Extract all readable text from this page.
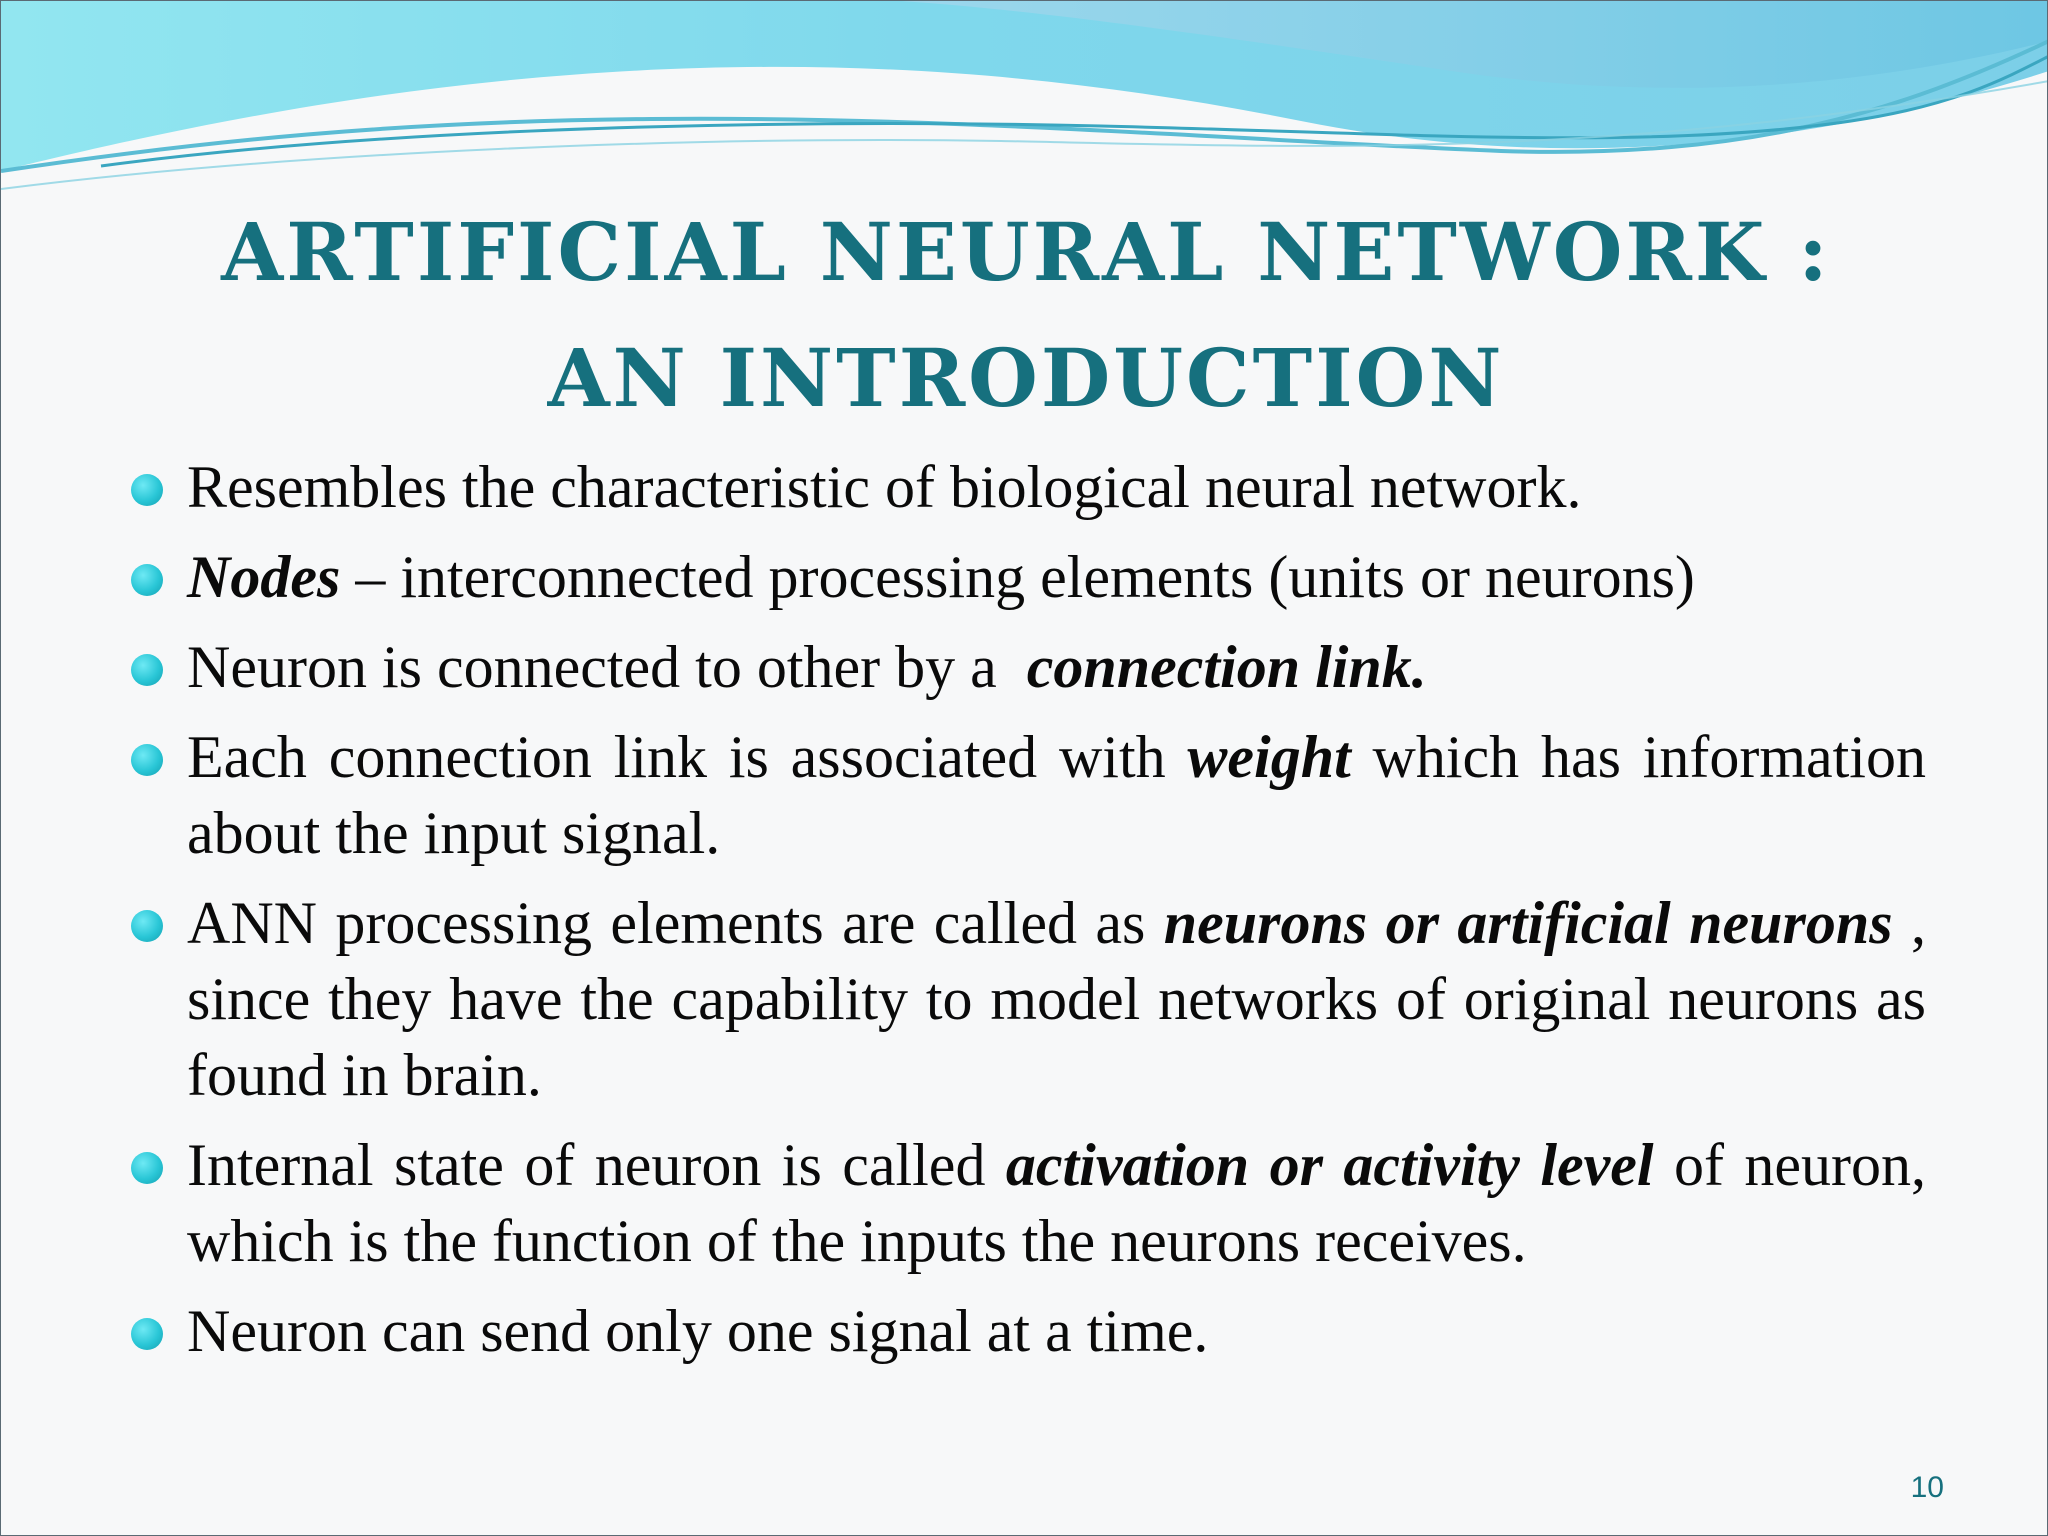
ARTIFICIAL NEURAL NETWORK : AN INTRODUCTION
Resembles the characteristic of biological neural network.
Nodes – interconnected processing elements (units or neurons)
Neuron is connected to other by a  connection link.
Each connection link is associated with weight which has information about the input signal.
ANN processing elements are called as neurons or artificial neurons , since they have the capability to model networks of original neurons as found in brain.
Internal state of neuron is called activation or activity level of neuron, which is the function of the inputs the neurons receives.
Neuron can send only one signal at a time.
10
